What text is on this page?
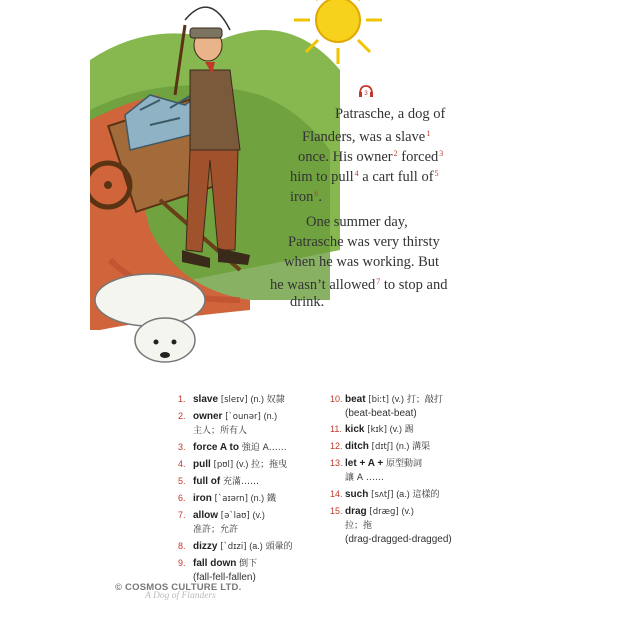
3
Patrasche, a dog of
Flanders, was a slave$^1$
once. His owner$^2$ forced$^3$
him to pull$^4$ a cart full $of^5$
iron$^6$.
One summer day,
Patrasche was very thirsty
when he was working. But
he wasn’t allowed$^7$ to stop and
drink.
1. slave [sleɪv] (n.) 奴隸
2. owner [ˋounər] (n.)
主人；所有人
3. force A to 強迫 A……
4. pull [pʊl] (v.) 拉；拖曳
5. full of 充滿……
6. iron [ˋaɪərn] (n.) 鐵
7. allow [əˋlaʊ] (v.)
准許；允許
8. dizzy [ˋdɪzi] (a.) 頭暈的
9. fall down 倒下
(fall-fell-fallen)
10. beat [biːt] (v.) 打；敲打
(beat-beat-beat)
11. kick [kɪk] (v.) 踢
12. ditch [dɪtʃ] (n.) 溝渠
13. let + A + 原型動詞
讓 A ……
14. such [sʌtʃ] (a.) 這樣的
15. drag [dræɡ] (v.)
拉；拖
(drag-dragged-dragged)
© COSMOS CULTURE LTD.
A Dog of Flanders
